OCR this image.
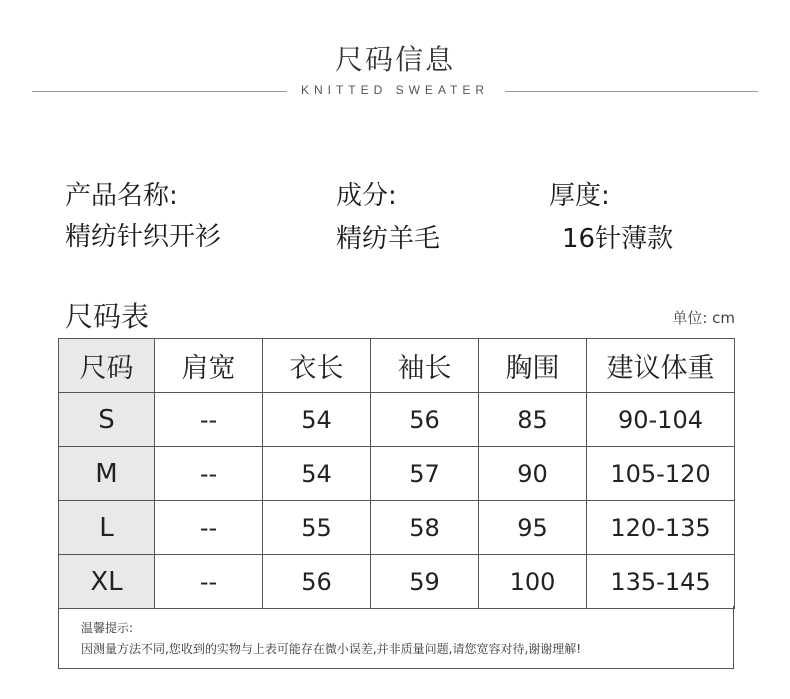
尺码信息
KNITTED SWEATER
产品名称:
精纺针织开衫
成分:
精纺羊毛
厚度:
16针薄款
尺码表	单位: cm
尺码	肩宽	衣长	袖长	胸围	建议体重
S	--	54	56	85	90-104
M	--	54	57	90	105-120
L	--	55	58	95	120-135
XL	--	56	59	100	135-145
温馨提示:
因测量方法不同,您收到的实物与上表可能存在微小误差,并非质量问题,请您宽容对待,谢谢理解!
